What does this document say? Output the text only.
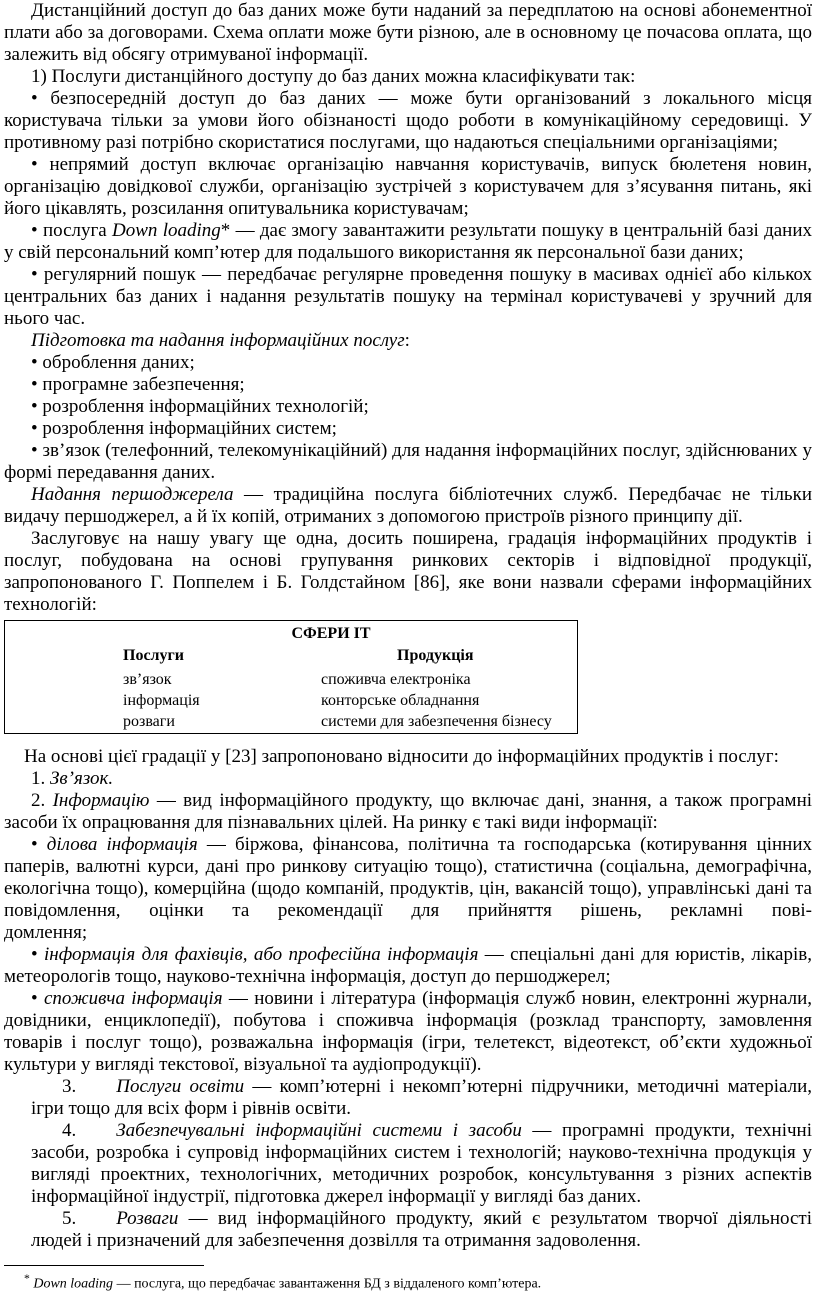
Дистанційний доступ до баз даних може бути наданий за передплатою на основі абонементної плати або за договорами. Схема оплати може бути різною, але в основному це почасова оплата, що залежить від обсягу отримуваної інформації.

1) Послуги дистанційного доступу до баз даних можна класифікувати так:

• безпосередній доступ до баз даних — може бути організований з локального місця користувача тільки за умови його обізнаності щодо роботи в комунікаційному середовищі. У противному разі потрібно скористатися послугами, що надаються спеціальними організаціями;

• непрямий доступ включає організацію навчання користувачів, випуск бюлетеня новин, організацію довідкової служби, організацію зустрічей з користувачем для з’ясування питань, які його цікавлять, розсилання опитувальника користувачам;

• послуга Down loading* — дає змогу завантажити результати пошуку в центральній базі даних у свій персональний комп’ютер для подальшого використання як персональної бази даних;

• регулярний пошук — передбачає регулярне проведення пошуку в масивах однієї або кількох центральних баз даних і надання результатів пошуку на термінал користувачеві у зручний для нього час.

Підготовка та надання інформаційних послуг:

• оброблення даних;

• програмне забезпечення;

• розроблення інформаційних технологій;

• розроблення інформаційних систем;

• зв’язок (телефонний, телекомунікаційний) для надання інформаційних послуг, здійснюваних у формі передавання даних.

Надання першоджерела — традиційна послуга бібліотечних служб. Передбачає не тільки видачу першоджерел, а й їх копій, отриманих з допомогою пристроїв різного принципу дії.

Заслуговує на нашу увагу ще одна, досить поширена, градація інформаційних продуктів і послуг, побудована на основі групування ринкових секторів і відповідної продукції, запропонованого Г. Поппелем і Б. Голдстайном [86], яке вони назвали сферами інформаційних технологій:

СФЕРИ IT
Послуги	Продукція
зв’язок	споживча електроніка
інформація	конторське обладнання
розваги	системи для забезпечення бізнесу

На основі цієї градації у [23] запропоновано відносити до інформаційних продуктів і послуг:

1. Зв’язок.

2. Інформацію — вид інформаційного продукту, що включає дані, знання, а також програмні засоби їх опрацювання для пізнавальних цілей. На ринку є такі види інформації:

• ділова інформація — біржова, фінансова, політична та господарська (котирування цінних паперів, валютні курси, дані про ринкову ситуацію тощо), статистична (соціальна, демографічна, екологічна тощо), комерційна (щодо компаній, продуктів, цін, вакансій тощо), управлінські дані та повідомлення, оцінки та рекомендації для прийняття рішень, рекламні пові-

домлення;

• інформація для фахівців, або професійна інформація — спеціальні дані для юристів, лікарів, метеорологів тощо, науково-технічна інформація, доступ до першоджерел;

• споживча інформація — новини і література (інформація служб новин, електронні журнали, довідники, енциклопедії), побутова і споживча інформація (розклад транспорту, замовлення товарів і послуг тощо), розважальна інформація (ігри, телетекст, відеотекст, об’єкти художньої культури у вигляді текстової, візуальної та аудіопродукції).

3. Послуги освіти — комп’ютерні і некомп’ютерні підручники, методичні матеріали, ігри тощо для всіх форм і рівнів освіти.

4. Забезпечувальні інформаційні системи і засоби — програмні продукти, технічні засоби, розробка і супровід інформаційних систем і технологій; науково-технічна продукція у вигляді проектних, технологічних, методичних розробок, консультування з різних аспектів інформаційної індустрії, підготовка джерел інформації у вигляді баз даних.

5. Розваги — вид інформаційного продукту, який є результатом творчої діяльності людей і призначений для забезпечення дозвілля та отримання задоволення.

* Down loading — послуга, що передбачає завантаження БД з віддаленого комп’ютера.
